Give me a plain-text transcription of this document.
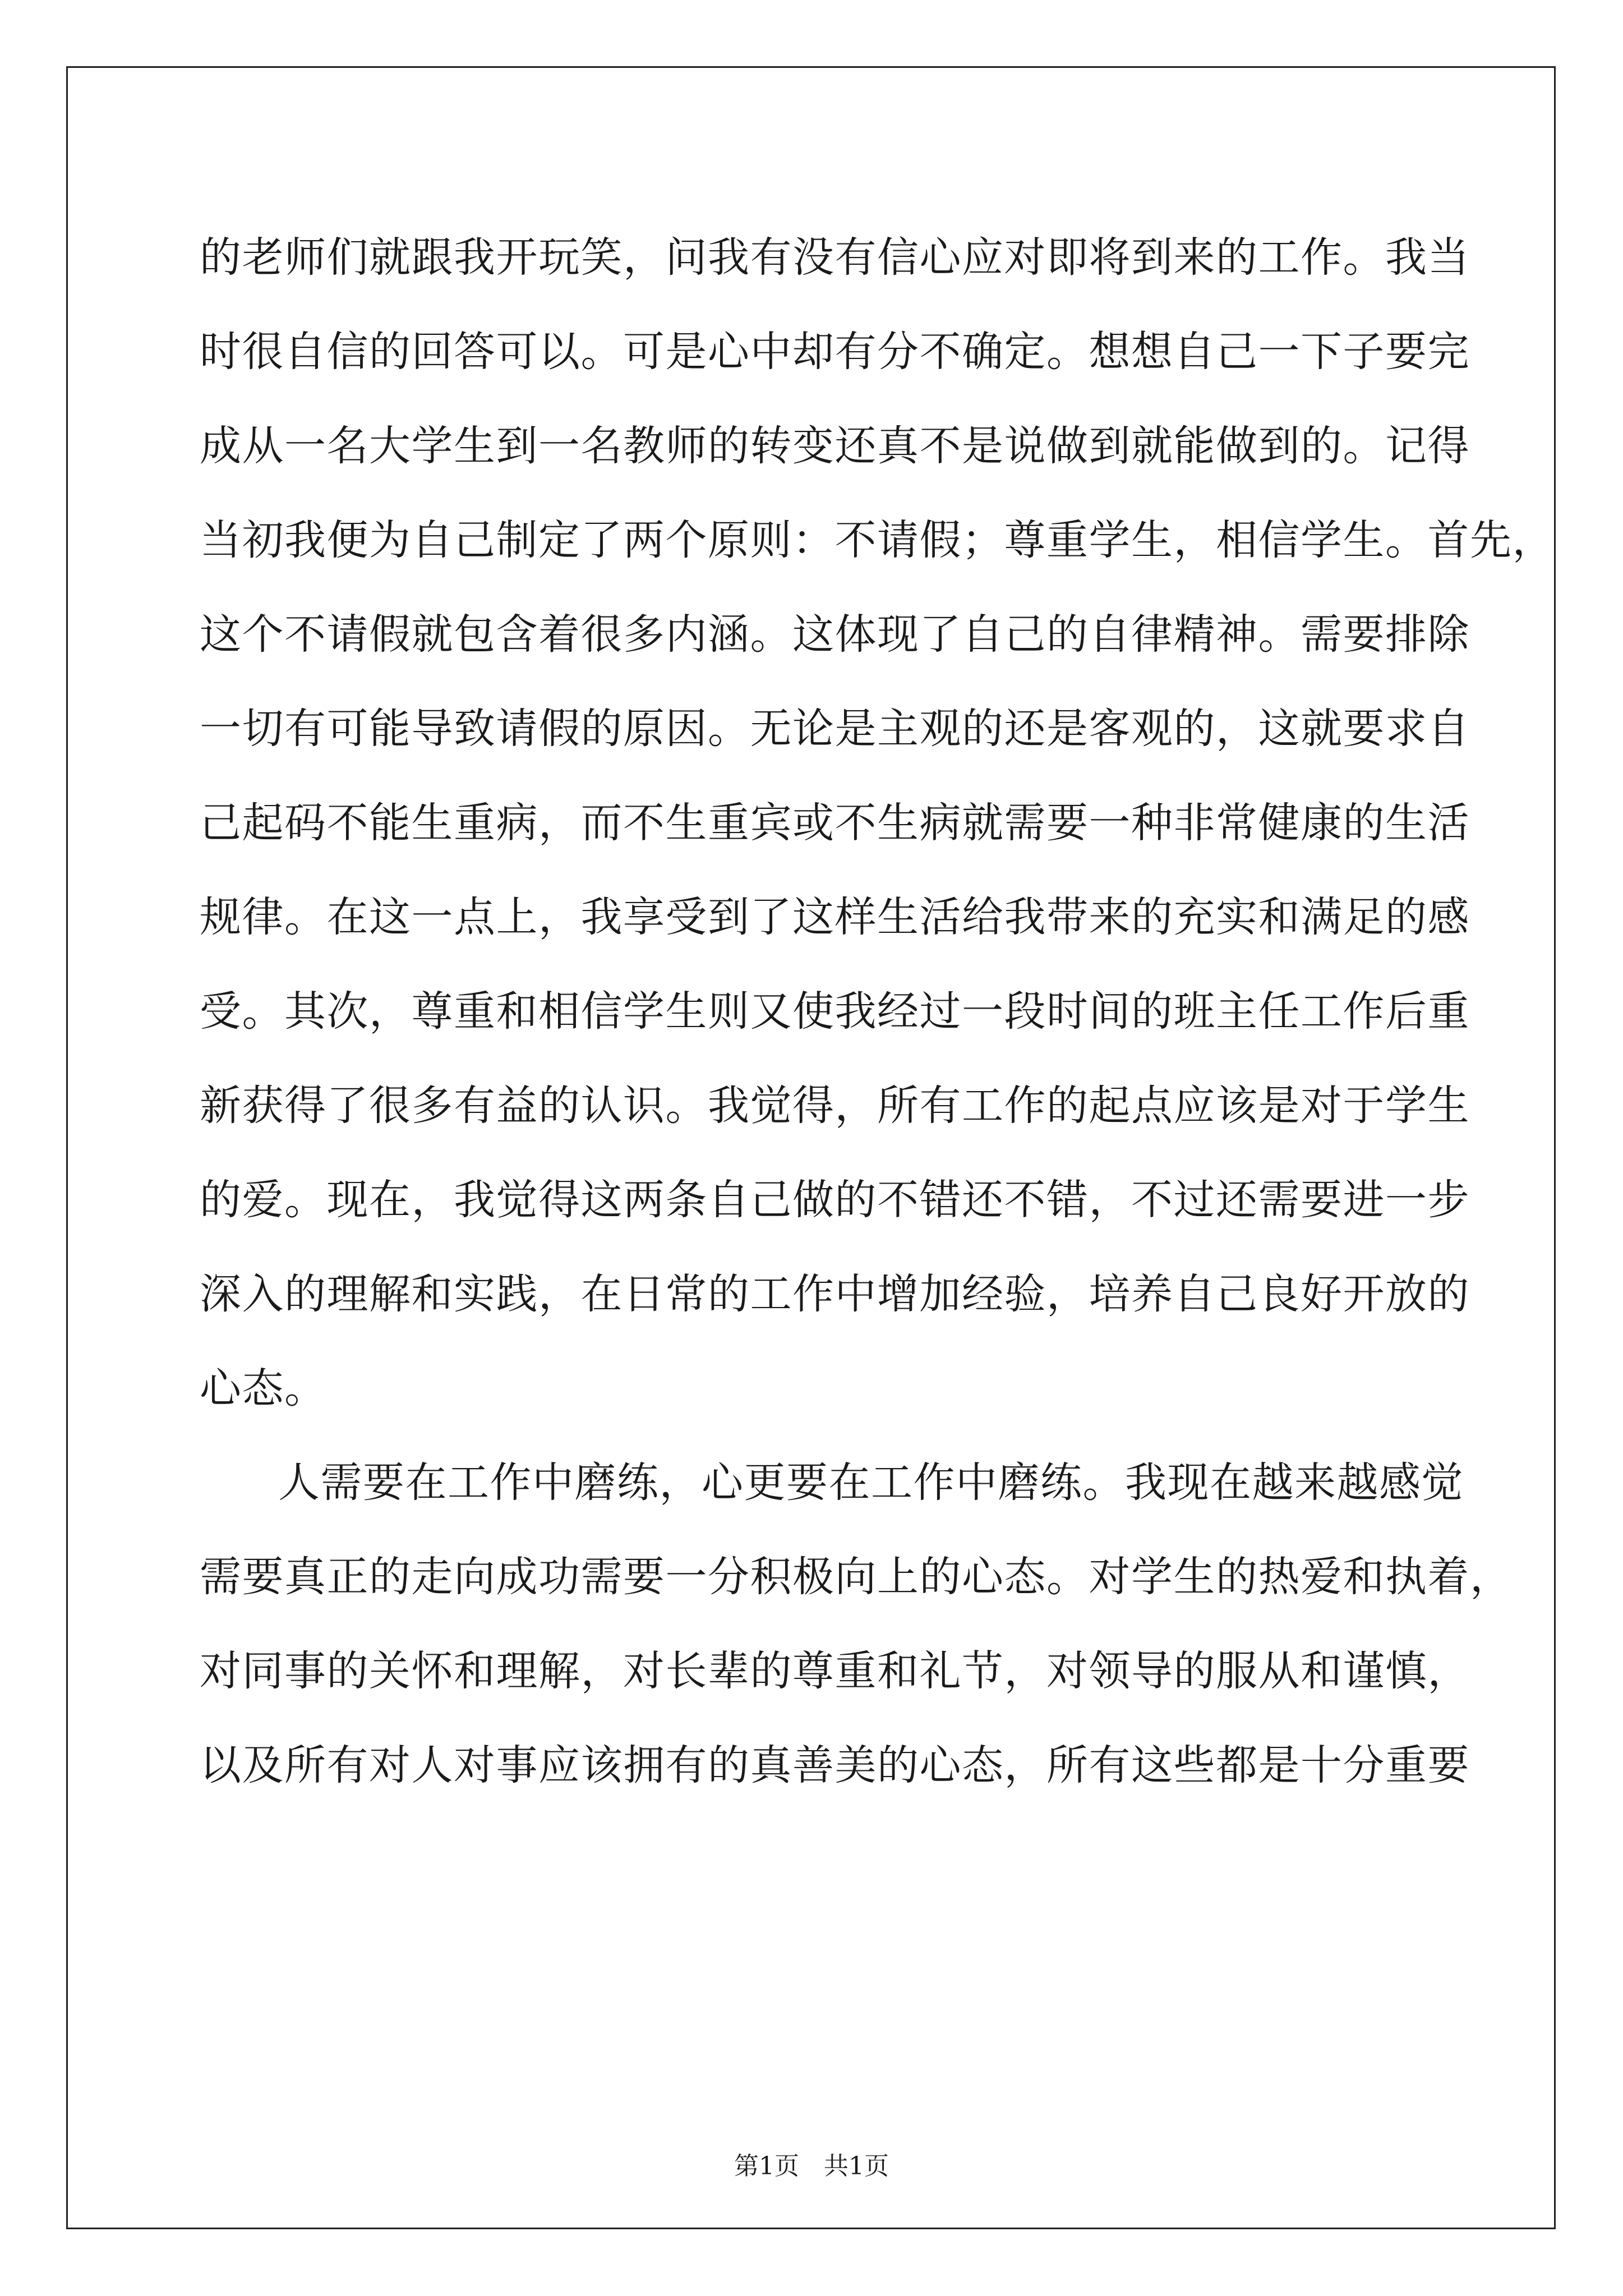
的老师们就跟我开玩笑，问我有没有信心应对即将到来的工作。我当
时很自信的回答可以。可是心中却有分不确定。想想自己一下子要完
成从一名大学生到一名教师的转变还真不是说做到就能做到的。记得
当初我便为自己制定了两个原则：不请假；尊重学生，相信学生。首先，
这个不请假就包含着很多内涵。这体现了自己的自律精神。需要排除
一切有可能导致请假的原因。无论是主观的还是客观的，这就要求自
己起码不能生重病，而不生重宾或不生病就需要一种非常健康的生活
规律。在这一点上，我享受到了这样生活给我带来的充实和满足的感
受。其次，尊重和相信学生则又使我经过一段时间的班主任工作后重
新获得了很多有益的认识。我觉得，所有工作的起点应该是对于学生
的爱。现在，我觉得这两条自己做的不错还不错，不过还需要进一步
深入的理解和实践，在日常的工作中增加经验，培养自己良好开放的
心态。
人需要在工作中磨练，心更要在工作中磨练。我现在越来越感觉
需要真正的走向成功需要一分积极向上的心态。对学生的热爱和执着，
对同事的关怀和理解，对长辈的尊重和礼节，对领导的服从和谨慎，
以及所有对人对事应该拥有的真善美的心态，所有这些都是十分重要
第1页　共1页
